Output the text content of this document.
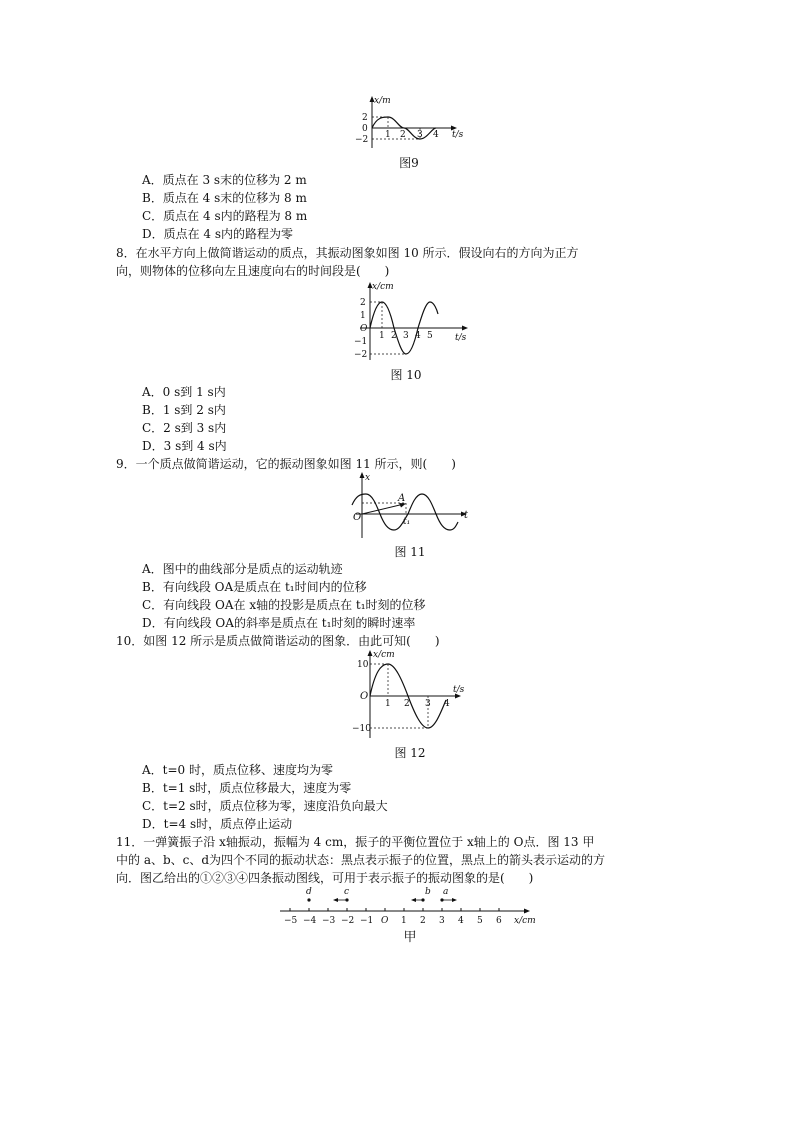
x/m
2
0
−2 1 2 3 4 t/s
图9
A．质点在 3 s末的位移为 2 m
B．质点在 4 s末的位移为 8 m
C．质点在 4 s内的路程为 8 m
D．质点在 4 s内的路程为零
8．在水平方向上做简谐运动的质点，其振动图象如图 10 所示．假设向右的方向为正方
向，则物体的位移向左且速度向右的时间段是(　　)
x/cm
2
1
O
−1
−2
1 2 3 4 5 t/s
图 10
A．0 s到 1 s内
B．1 s到 2 s内
C．2 s到 3 s内
D．3 s到 4 s内
9．一个质点做简谐运动，它的振动图象如图 11 所示，则(　　)
x
A
O	t₁
t
图 11
A．图中的曲线部分是质点的运动轨迹
B．有向线段 OA是质点在 t₁时间内的位移
C．有向线段 OA在 x轴的投影是质点在 t₁时刻的位移
D．有向线段 OA的斜率是质点在 t₁时刻的瞬时速率
10．如图 12 所示是质点做简谐运动的图象．由此可知(　　)
x/cm
10
O
−10
1 2 3 4
t/s
图 12
A．t=0 时，质点位移、速度均为零
B．t=1 s时，质点位移最大，速度为零
C．t=2 s时，质点位移为零，速度沿负向最大
D．t=4 s时，质点停止运动
11．一弹簧振子沿 x轴振动，振幅为 4 cm，振子的平衡位置位于 x轴上的 O点．图 13 甲
中的 a、b、c、d为四个不同的振动状态：黑点表示振子的位置，黑点上的箭头表示运动的方
向．图乙给出的①②③④四条振动图线，可用于表示振子的振动图象的是(　　)
d	c	b a
−5 −4 −3 −2 −1 O 1 2 3 4 5 6 x/cm
甲
